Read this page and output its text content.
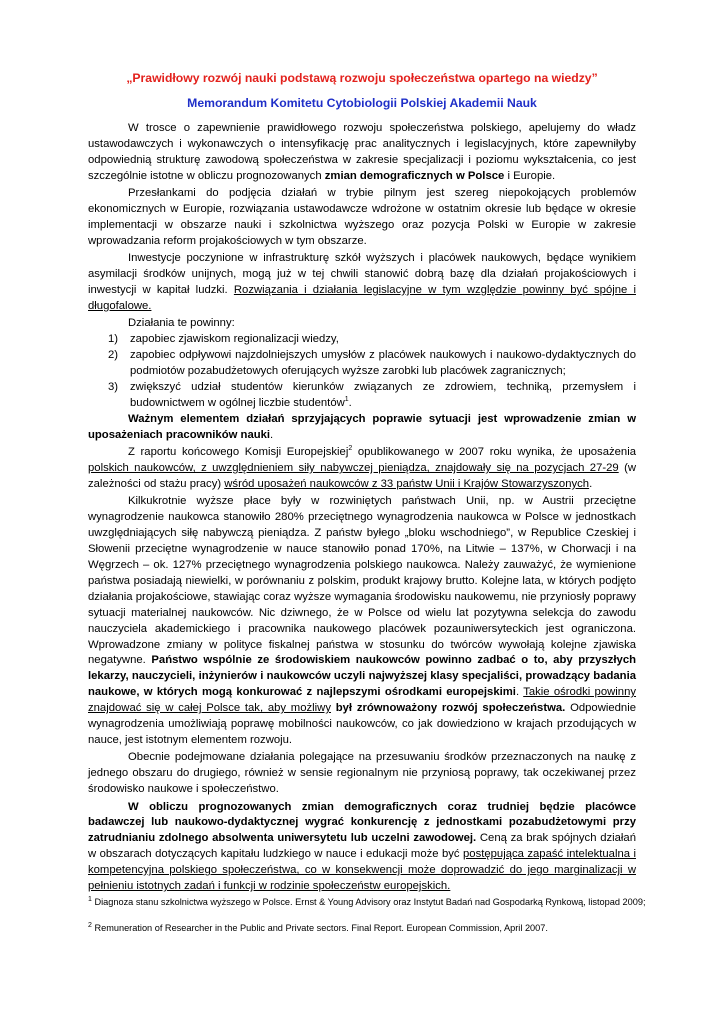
„Prawidłowy rozwój nauki podstawą rozwoju społeczeństwa opartego na wiedzy”
Memorandum Komitetu Cytobiologii Polskiej Akademii Nauk

W trosce o zapewnienie prawidłowego rozwoju społeczeństwa polskiego, apelujemy do władz ustawodawczych i wykonawczych o intensyfikację prac analitycznych i legislacyjnych, które zapewniłyby odpowiednią strukturę zawodową społeczeństwa w zakresie specjalizacji i poziomu wykształcenia, co jest szczególnie istotne w obliczu prognozowanych zmian demograficznych w Polsce i Europie.

Przesłankami do podjęcia działań w trybie pilnym jest szereg niepokojących problemów ekonomicznych w Europie, rozwiązania ustawodawcze wdrożone w ostatnim okresie lub będące w okresie implementacji w obszarze nauki i szkolnictwa wyższego oraz pozycja Polski w Europie w zakresie wprowadzania reform projakościowych w tym obszarze.

Inwestycje poczynione w infrastrukturę szkół wyższych i placówek naukowych, będące wynikiem asymilacji środków unijnych, mogą już w tej chwili stanowić dobrą bazę dla działań projakościowych i inwestycji w kapitał ludzki. Rozwiązania i działania legislacyjne w tym względzie powinny być spójne i długofalowe.

Działania te powinny:

1) zapobiec zjawiskom regionalizacji wiedzy,
2) zapobiec odpływowi najzdolniejszych umysłów z placówek naukowych i naukowo-dydaktycznych do podmiotów pozabudżetowych oferujących wyższe zarobki lub placówek zagranicznych;
3) zwiększyć udział studentów kierunków związanych ze zdrowiem, techniką, przemysłem i budownictwem w ogólnej liczbie studentów$^1$.

Ważnym elementem działań sprzyjających poprawie sytuacji jest wprowadzenie zmian w uposażeniach pracowników nauki.

Z raportu końcowego Komisji Europejskiej$^2$ opublikowanego w 2007 roku wynika, że uposażenia polskich naukowców, z uwzględnieniem siły nabywczej pieniądza, znajdowały się na pozycjach 27-29 (w zależności od stażu pracy) wśród uposażeń naukowców z 33 państw Unii i Krajów Stowarzyszonych.

Kilkukrotnie wyższe płace były w rozwiniętych państwach Unii, np. w Austrii przeciętne wynagrodzenie naukowca stanowiło 280% przeciętnego wynagrodzenia naukowca w Polsce w jednostkach uwzględniających siłę nabywczą pieniądza. Z państw byłego „bloku wschodniego”, w Republice Czeskiej i Słowenii przeciętne wynagrodzenie w nauce stanowiło ponad 170%, na Litwie – 137%, w Chorwacji i na Węgrzech – ok. 127% przeciętnego wynagrodzenia polskiego naukowca. Należy zauważyć, że wymienione państwa posiadają niewielki, w porównaniu z polskim, produkt krajowy brutto. Kolejne lata, w których podjęto działania projakościowe, stawiając coraz wyższe wymagania środowisku naukowemu, nie przyniosły poprawy sytuacji materialnej naukowców. Nic dziwnego, że w Polsce od wielu lat pozytywna selekcja do zawodu nauczyciela akademickiego i pracownika naukowego placówek pozauniwersyteckich jest ograniczona. Wprowadzone zmiany w polityce fiskalnej państwa w stosunku do twórców wywołają kolejne zjawiska negatywne. Państwo wspólnie ze środowiskiem naukowców powinno zadbać o to, aby przyszłych lekarzy, nauczycieli, inżynierów i naukowców uczyli najwyższej klasy specjaliści, prowadzący badania naukowe, w których mogą konkurować z najlepszymi ośrodkami europejskimi. Takie ośrodki powinny znajdować się w całej Polsce tak, aby możliwy był zrównoważony rozwój społeczeństwa. Odpowiednie wynagrodzenia umożliwiają poprawę mobilności naukowców, co jak dowiedziono w krajach przodujących w nauce, jest istotnym elementem rozwoju.

Obecnie podejmowane działania polegające na przesuwaniu środków przeznaczonych na naukę z jednego obszaru do drugiego, również w sensie regionalnym nie przyniosą poprawy, tak oczekiwanej przez środowisko naukowe i społeczeństwo.

W obliczu prognozowanych zmian demograficznych coraz trudniej będzie placówce badawczej lub naukowo-dydaktycznej wygrać konkurencję z jednostkami pozabudżetowymi przy zatrudnianiu zdolnego absolwenta uniwersytetu lub uczelni zawodowej. Ceną za brak spójnych działań w obszarach dotyczących kapitału ludzkiego w nauce i edukacji może być postępująca zapaść intelektualna i kompetencyjna polskiego społeczeństwa, co w konsekwencji może doprowadzić do jego marginalizacji w pełnieniu istotnych zadań i funkcji w rodzinie społeczeństw europejskich.

$^1$ Diagnoza stanu szkolnictwa wyższego w Polsce. Ernst & Young Advisory oraz Instytut Badań nad Gospodarką Rynkową, listopad 2009;
$^2$ Remuneration of Researcher in the Public and Private sectors. Final Report. European Commission, April 2007.
